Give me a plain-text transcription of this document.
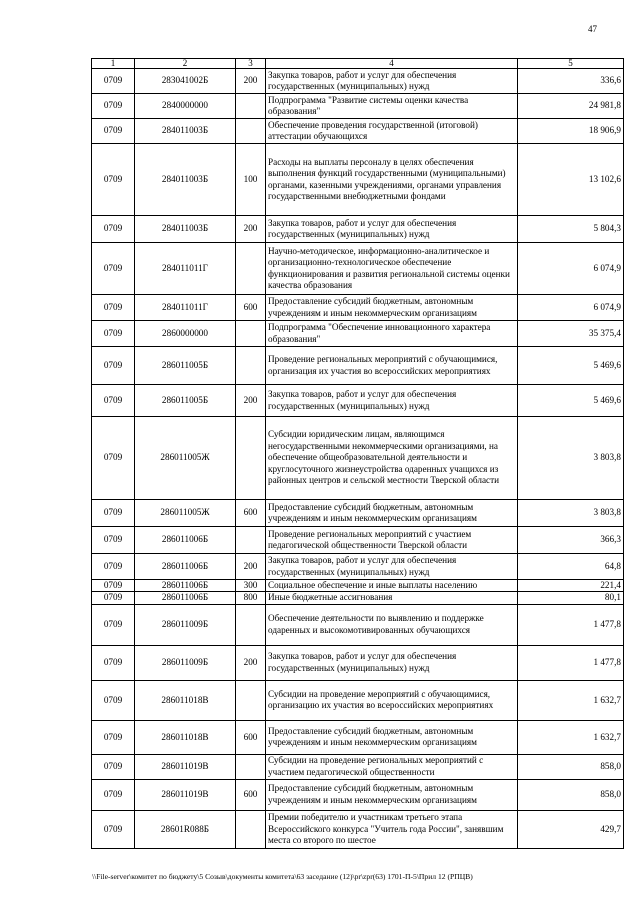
47
1	2	3	4	5
0709	283041002Б	200	Закупка товаров, работ и услуг для обеспечения государственных (муниципальных) нужд	336,6
0709	2840000000		Подпрограмма "Развитие системы оценки качества образования"	24 981,8
0709	284011003Б		Обеспечение проведения государственной (итоговой) аттестации обучающихся	18 906,9
0709	284011003Б	100	Расходы на выплаты персоналу в целях обеспечения выполнения функций государственными (муниципальными) органами, казенными учреждениями, органами управления государственными внебюджетными фондами	13 102,6
0709	284011003Б	200	Закупка товаров, работ и услуг для обеспечения государственных (муниципальных) нужд	5 804,3
0709	284011011Г		Научно-методическое, информационно-аналитическое и организационно-технологическое обеспечение функционирования и развития региональной системы оценки качества образования	6 074,9
0709	284011011Г	600	Предоставление субсидий бюджетным, автономным учреждениям и иным некоммерческим организациям	6 074,9
0709	2860000000		Подпрограмма "Обеспечение инновационного характера образования"	35 375,4
0709	286011005Б		Проведение региональных мероприятий с обучающимися, организация их участия во всероссийских мероприятиях	5 469,6
0709	286011005Б	200	Закупка товаров, работ и услуг для обеспечения государственных (муниципальных) нужд	5 469,6
0709	286011005Ж		Субсидии юридическим лицам, являющимся негосударственными некоммерческими организациями, на обеспечение общеобразовательной деятельности и круглосуточного жизнеустройства одаренных учащихся из районных центров и сельской местности Тверской области	3 803,8
0709	286011005Ж	600	Предоставление субсидий бюджетным, автономным учреждениям и иным некоммерческим организациям	3 803,8
0709	286011006Б		Проведение региональных мероприятий с участием педагогической общественности Тверской области	366,3
0709	286011006Б	200	Закупка товаров, работ и услуг для обеспечения государственных (муниципальных) нужд	64,8
0709	286011006Б	300	Социальное обеспечение и иные выплаты населению	221,4
0709	286011006Б	800	Иные бюджетные ассигнования	80,1
0709	286011009Б		Обеспечение деятельности по выявлению и поддержке одаренных и высокомотивированных обучающихся	1 477,8
0709	286011009Б	200	Закупка товаров, работ и услуг для обеспечения государственных (муниципальных) нужд	1 477,8
0709	286011018В		Субсидии на проведение мероприятий с обучающимися, организацию их участия во всероссийских мероприятиях	1 632,7
0709	286011018В	600	Предоставление субсидий бюджетным, автономным учреждениям и иным некоммерческим организациям	1 632,7
0709	286011019В		Субсидии на проведение региональных мероприятий с участием педагогической общественности	858,0
0709	286011019В	600	Предоставление субсидий бюджетным, автономным учреждениям и иным некоммерческим организациям	858,0
0709	28601R088Б		Премии победителю и участникам третьего этапа Всероссийского конкурса "Учитель года России", занявшим места со второго по шестое	429,7
\\File-server\комитет по бюджету\5 Созыв\документы комитета\63 заседание (12)\pr\zpr(63) 1701-П-5\Прил 12 (РПЦВ)
